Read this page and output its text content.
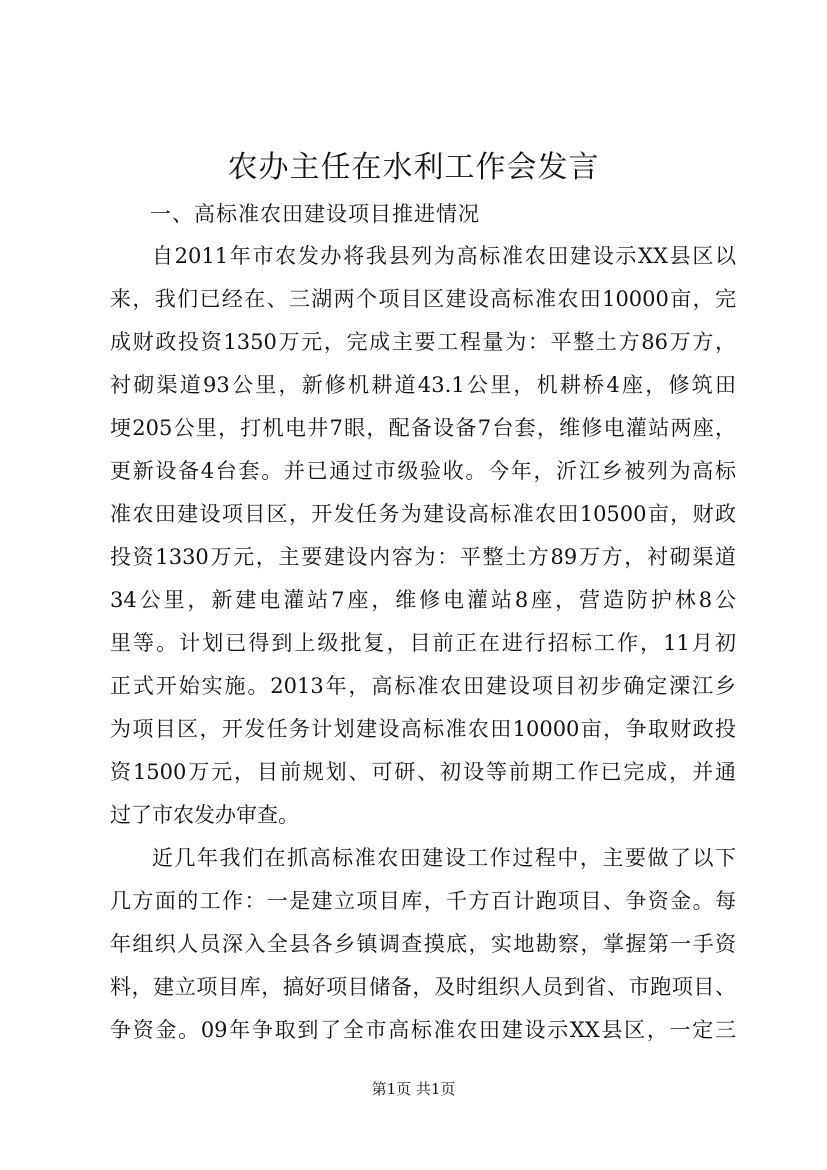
农办主任在水利工作会发言
一、高标准农田建设项目推进情况
自2011年市农发办将我县列为高标准农田建设示XX县区以
来，我们已经在、三湖两个项目区建设高标准农田10000亩，完
成财政投资1350万元，完成主要工程量为：平整土方86万方，
衬砌渠道93公里，新修机耕道43.1公里，机耕桥4座，修筑田
埂205公里，打机电井7眼，配备设备7台套，维修电灌站两座，
更新设备4台套。并已通过市级验收。今年，沂江乡被列为高标
准农田建设项目区，开发任务为建设高标准农田10500亩，财政
投资1330万元，主要建设内容为：平整土方89万方，衬砌渠道
34公里，新建电灌站7座，维修电灌站8座，营造防护林8公
里等。计划已得到上级批复，目前正在进行招标工作，11月初
正式开始实施。2013年，高标准农田建设项目初步确定溧江乡
为项目区，开发任务计划建设高标准农田10000亩，争取财政投
资1500万元，目前规划、可研、初设等前期工作已完成，并通
过了市农发办审查。
近几年我们在抓高标准农田建设工作过程中，主要做了以下
几方面的工作：一是建立项目库，千方百计跑项目、争资金。每
年组织人员深入全县各乡镇调查摸底，实地勘察，掌握第一手资
料，建立项目库，搞好项目储备，及时组织人员到省、市跑项目、
争资金。09年争取到了全市高标准农田建设示XX县区，一定三
第1页 共1页
